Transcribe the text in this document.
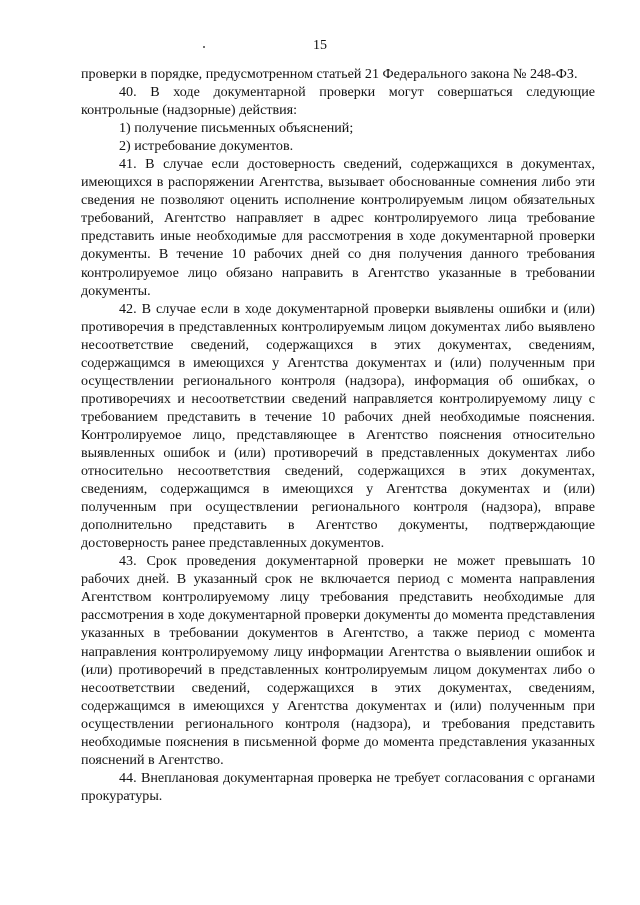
15

проверки в порядке, предусмотренном статьей 21 Федерального закона № 248-ФЗ.

40. В ходе документарной проверки могут совершаться следующие контрольные (надзорные) действия:

1) получение письменных объяснений;

2) истребование документов.

41. В случае если достоверность сведений, содержащихся в документах, имеющихся в распоряжении Агентства, вызывает обоснованные сомнения либо эти сведения не позволяют оценить исполнение контролируемым лицом обязательных требований, Агентство направляет в адрес контролируемого лица требование представить иные необходимые для рассмотрения в ходе документарной проверки документы. В течение 10 рабочих дней со дня получения данного требования контролируемое лицо обязано направить в Агентство указанные в требовании документы.

42. В случае если в ходе документарной проверки выявлены ошибки и (или) противоречия в представленных контролируемым лицом документах либо выявлено несоответствие сведений, содержащихся в этих документах, сведениям, содержащимся в имеющихся у Агентства документах и (или) полученным при осуществлении регионального контроля (надзора), информация об ошибках, о противоречиях и несоответствии сведений направляется контролируемому лицу с требованием представить в течение 10 рабочих дней необходимые пояснения. Контролируемое лицо, представляющее в Агентство пояснения относительно выявленных ошибок и (или) противоречий в представленных документах либо относительно несоответствия сведений, содержащихся в этих документах, сведениям, содержащимся в имеющихся у Агентства документах и (или) полученным при осуществлении регионального контроля (надзора), вправе дополнительно представить в Агентство документы, подтверждающие достоверность ранее представленных документов.

43. Срок проведения документарной проверки не может превышать 10 рабочих дней. В указанный срок не включается период с момента направления Агентством контролируемому лицу требования представить необходимые для рассмотрения в ходе документарной проверки документы до момента представления указанных в требовании документов в Агентство, а также период с момента направления контролируемому лицу информации Агентства о выявлении ошибок и (или) противоречий в представленных контролируемым лицом документах либо о несоответствии сведений, содержащихся в этих документах, сведениям, содержащимся в имеющихся у Агентства документах и (или) полученным при осуществлении регионального контроля (надзора), и требования представить необходимые пояснения в письменной форме до момента представления указанных пояснений в Агентство.

44. Внеплановая документарная проверка не требует согласования с органами прокуратуры.
